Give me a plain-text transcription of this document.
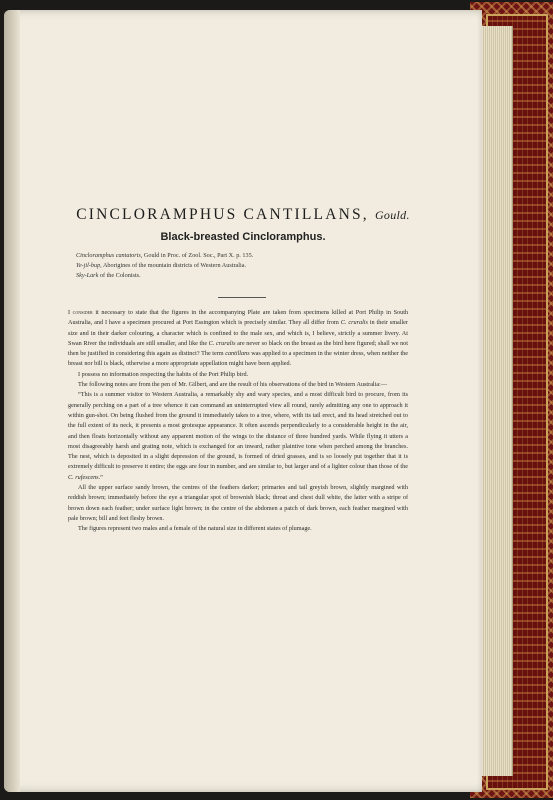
CINCLORAMPHUS CANTILLANS, Gould.
Black-breasted Cincloramphus.
Cincloramphus cantatoris, Gould in Proc. of Zool. Soc., Part X. p. 135.
Ye-jil-bup, Aborigines of the mountain districts of Western Australia.
Sky-Lark of the Colonists.

I consider it necessary to state that the figures in the accompanying Plate are taken from specimens killed at Port Philip in South Australia, and I have a specimen procured at Port Essington which is precisely similar. They all differ from C. cruralis in their smaller size and in their darker colouring, a character which is confined to the male sex, and which is, I believe, strictly a summer livery. At Swan River the individuals are still smaller, and like the C. cruralis are never so black on the breast as the bird here figured; shall we not then be justified in considering this again as distinct? The term cantillans was applied to a specimen in the winter dress, when neither the breast nor bill is black, otherwise a more appropriate appellation might have been applied.

I possess no information respecting the habits of the Port Philip bird.

The following notes are from the pen of Mr. Gilbert, and are the result of his observations of the bird in Western Australia:—

“This is a summer visitor to Western Australia, a remarkably shy and wary species, and a most difficult bird to procure, from its generally perching on a part of a tree whence it can command an uninterrupted view all round, rarely admitting any one to approach it within gun-shot. On being flushed from the ground it immediately takes to a tree, where, with its tail erect, and its head stretched out to the full extent of its neck, it presents a most grotesque appearance. It often ascends perpendicularly to a considerable height in the air, and then floats horizontally without any apparent motion of the wings to the distance of three hundred yards. While flying it utters a most disagreeably harsh and grating note, which is exchanged for an inward, rather plaintive tone when perched among the branches. The nest, which is deposited in a slight depression of the ground, is formed of dried grasses, and is so loosely put together that it is extremely difficult to preserve it entire; the eggs are four in number, and are similar to, but larger and of a lighter colour than those of the C. rufescens.”

All the upper surface sandy brown, the centres of the feathers darker; primaries and tail greyish brown, slightly margined with reddish brown; immediately before the eye a triangular spot of brownish black; throat and chest dull white, the latter with a stripe of brown down each feather; under surface light brown; in the centre of the abdomen a patch of dark brown, each feather margined with pale brown; bill and feet fleshy brown.

The figures represent two males and a female of the natural size in different states of plumage.
